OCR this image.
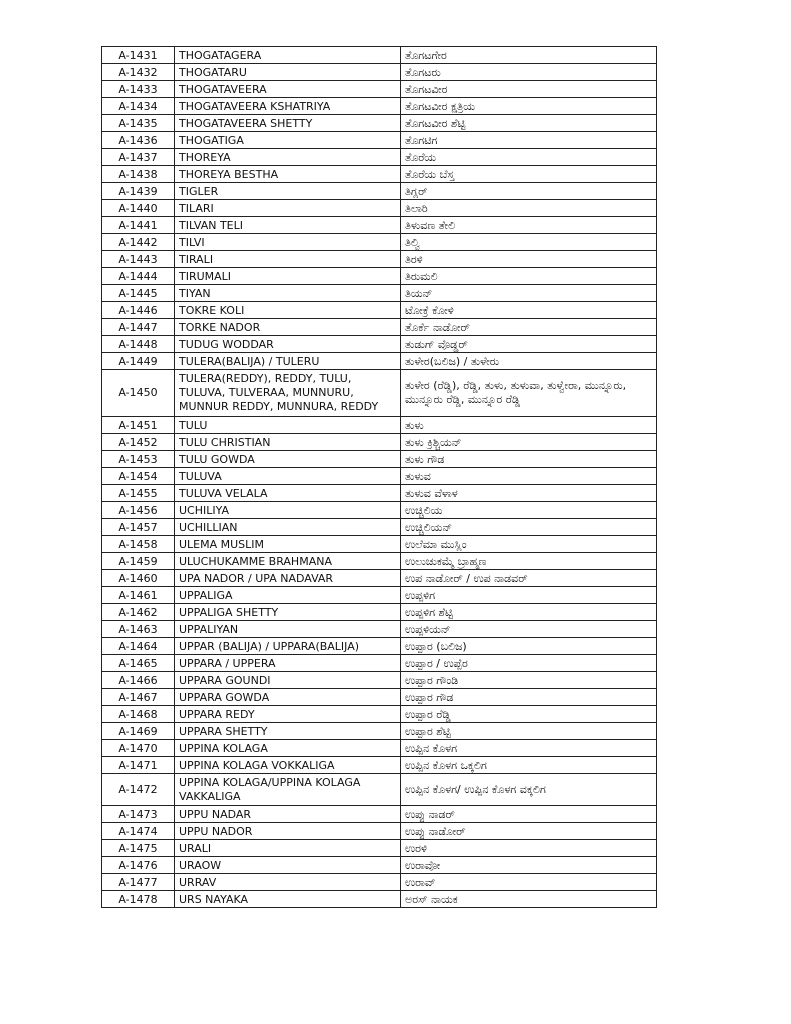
A-1431	THOGATAGERA	ತೊಗಟಗೇರ
A-1432	THOGATARU	ತೊಗಟರು
A-1433	THOGATAVEERA	ತೊಗಟವೀರ
A-1434	THOGATAVEERA KSHATRIYA	ತೊಗಟವೀರ ಕ್ಷತ್ರಿಯ
A-1435	THOGATAVEERA SHETTY	ತೊಗಟವೀರ ಶೆಟ್ಟಿ
A-1436	THOGATIGA	ತೊಗಟಿಗ
A-1437	THOREYA	ತೊರೆಯ
A-1438	THOREYA BESTHA	ತೊರೆಯ ಬೆಸ್ತ
A-1439	TIGLER	ತಿಗ್ಲರ್
A-1440	TILARI	ತಿಲಾರಿ
A-1441	TILVAN TELI	ತಿಳುವಣ ತೇಲಿ
A-1442	TILVI	ತಿಲ್ವಿ
A-1443	TIRALI	ತಿರಳಿ
A-1444	TIRUMALI	ತಿರುಮಲಿ
A-1445	TIYAN	ತಿಯನ್
A-1446	TOKRE KOLI	ಟೋಕ್ರೆ ಕೋಳಿ
A-1447	TORKE NADOR	ತೊರ್ಕೆ ನಾಡೋರ್
A-1448	TUDUG WODDAR	ತುಡುಗ್ ವೊಡ್ಡರ್
A-1449	TULERA(BALIJA) / TULERU	ತುಳೇರ(ಬಲಿಜ) / ತುಳೇರು
A-1450	TULERA(REDDY), REDDY, TULU, TULUVA, TULVERAA, MUNNURU, MUNNUR REDDY, MUNNURA, REDDY	ತುಳೇರ (ರೆಡ್ಡಿ), ರೆಡ್ಡಿ, ತುಳು, ತುಳುವಾ, ತುಳ್ವೇರಾ, ಮುನ್ನೂರು, ಮುನ್ನೂರು ರೆಡ್ಡಿ, ಮುನ್ನೂರ ರೆಡ್ಡಿ
A-1451	TULU	ತುಳು
A-1452	TULU CHRISTIAN	ತುಳು ಕ್ರಿಶ್ಚಿಯನ್
A-1453	TULU GOWDA	ತುಳು ಗೌಡ
A-1454	TULUVA	ತುಳುವ
A-1455	TULUVA VELALA	ತುಳುವ ವೆಳಾಳ
A-1456	UCHILIYA	ಉಚ್ಚಿಲಿಯ
A-1457	UCHILLIAN	ಉಚ್ಚಿಲಿಯನ್
A-1458	ULEMA MUSLIM	ಉಲೆಮಾ ಮುಸ್ಲಿಂ
A-1459	ULUCHUKAMME BRAHMANA	ಉಲುಚುಕಮ್ಮೆ ಬ್ರಾಹ್ಮಣ
A-1460	UPA NADOR / UPA NADAVAR	ಉಪ ನಾಡೋರ್ / ಉಪ ನಾಡವರ್
A-1461	UPPALIGA	ಉಪ್ಪಳಿಗ
A-1462	UPPALIGA SHETTY	ಉಪ್ಪಳಿಗ ಶೆಟ್ಟಿ
A-1463	UPPALIYAN	ಉಪ್ಪಳಿಯನ್
A-1464	UPPAR (BALIJA) / UPPARA(BALIJA)	ಉಪ್ಪಾರ (ಬಲಿಜ)
A-1465	UPPARA / UPPERA	ಉಪ್ಪಾರ / ಉಪ್ಪೆರ
A-1466	UPPARA GOUNDI	ಉಪ್ಪಾರ ಗೌಂಡಿ
A-1467	UPPARA GOWDA	ಉಪ್ಪಾರ ಗೌಡ
A-1468	UPPARA REDY	ಉಪ್ಪಾರ ರೆಡ್ಡಿ
A-1469	UPPARA SHETTY	ಉಪ್ಪಾರ ಶೆಟ್ಟಿ
A-1470	UPPINA KOLAGA	ಉಪ್ಪಿನ ಕೊಳಗ
A-1471	UPPINA KOLAGA VOKKALIGA	ಉಪ್ಪಿನ ಕೊಳಗ ಒಕ್ಕಲಿಗ
A-1472	UPPINA KOLAGA/UPPINA KOLAGA VAKKALIGA	ಉಪ್ಪಿನ ಕೊಳಗ/ ಉಪ್ಪಿನ ಕೊಳಗ ವಕ್ಕಲಿಗ
A-1473	UPPU NADAR	ಉಪ್ಪು ನಾಡರ್
A-1474	UPPU NADOR	ಉಪ್ಪು ನಾಡೋರ್
A-1475	URALI	ಉರಳಿ
A-1476	URAOW	ಉರಾವೋ
A-1477	URRAV	ಉರಾವ್
A-1478	URS NAYAKA	ಅರಸ್ ನಾಯಕ
